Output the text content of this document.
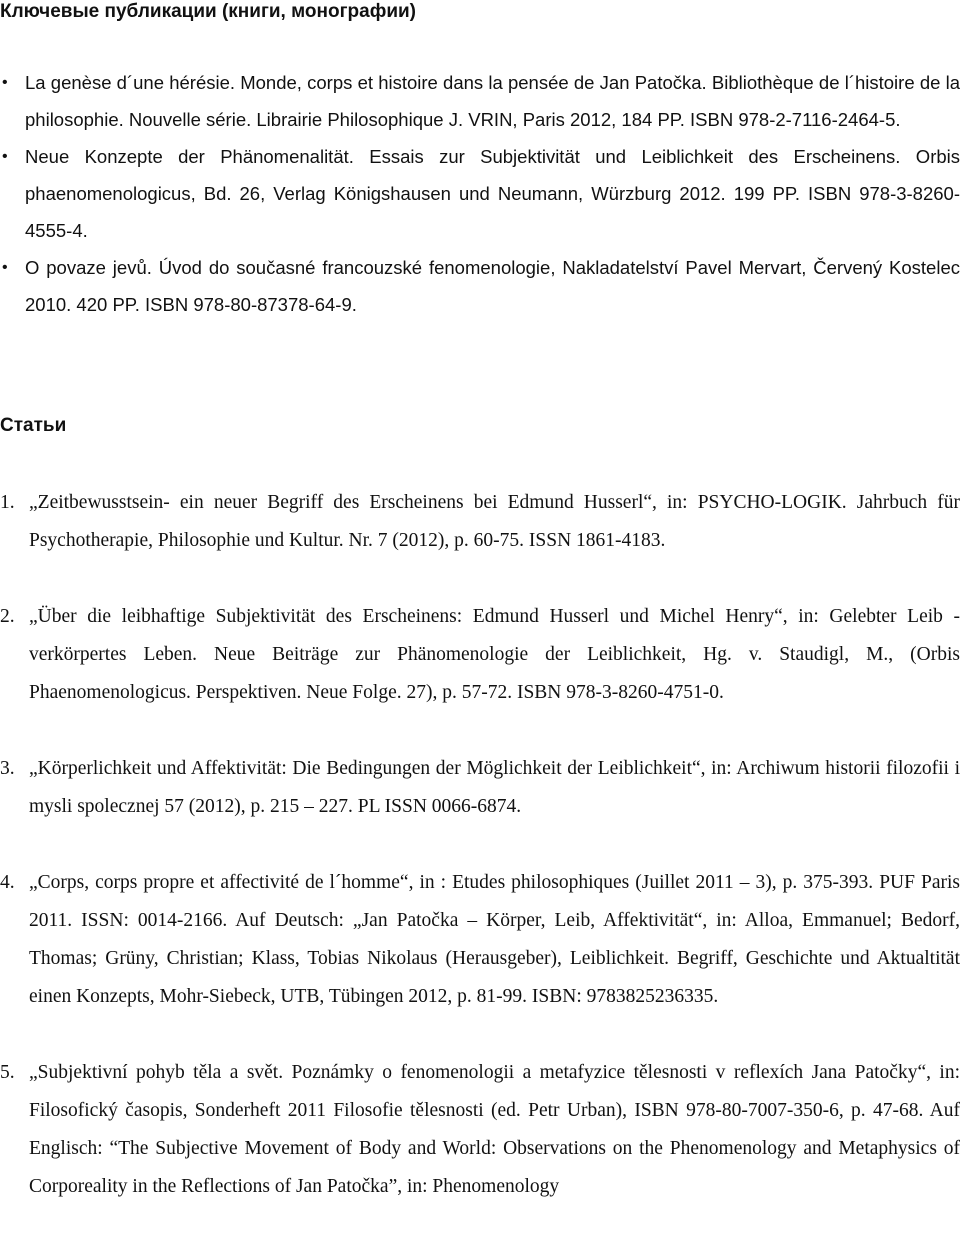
Ключевые публикации (книги, монографии)
• La genèse d´une hérésie. Monde, corps et histoire dans la pensée de Jan Patočka. Bibliothèque de l´histoire de la philosophie. Nouvelle série. Librairie Philosophique J. VRIN, Paris 2012, 184 PP. ISBN 978-2-7116-2464-5.
• Neue Konzepte der Phänomenalität. Essais zur Subjektivität und Leiblichkeit des Erscheinens. Orbis phaenomenologicus, Bd. 26, Verlag Königshausen und Neumann, Würzburg 2012. 199 PP. ISBN 978-3-8260-4555-4.
• O povaze jevů. Úvod do současné francouzské fenomenologie, Nakladatelství Pavel Mervart, Červený Kostelec 2010. 420 PP. ISBN 978-80-87378-64-9.
Статьи

1. „Zeitbewusstsein- ein neuer Begriff des Erscheinens bei Edmund Husserl“, in: PSYCHO-LOGIK. Jahrbuch für Psychotherapie, Philosophie und Kultur. Nr. 7 (2012), p. 60-75. ISSN 1861-4183.

2. „Über die leibhaftige Subjektivität des Erscheinens: Edmund Husserl und Michel Henry“, in: Gelebter Leib -verkörpertes Leben. Neue Beiträge zur Phänomenologie der Leiblichkeit, Hg. v. Staudigl, M., (Orbis Phaenomenologicus. Perspektiven. Neue Folge. 27), p. 57-72. ISBN 978-3-8260-4751-0.

3. „Körperlichkeit und Affektivität: Die Bedingungen der Möglichkeit der Leiblichkeit“, in: Archiwum historii filozofii i mysli spolecznej 57 (2012), p. 215 – 227. PL ISSN 0066-6874.

4. „Corps, corps propre et affectivité de l´homme“, in : Etudes philosophiques (Juillet 2011 – 3), p. 375-393. PUF Paris 2011. ISSN: 0014-2166. Auf Deutsch: „Jan Patočka – Körper, Leib, Affektivität“, in: Alloa, Emmanuel; Bedorf, Thomas; Grüny, Christian; Klass, Tobias Nikolaus (Herausgeber), Leiblichkeit. Begriff, Geschichte und Aktualtität einen Konzepts, Mohr-Siebeck, UTB, Tübingen 2012, p. 81-99. ISBN: 9783825236335.

5. „Subjektivní pohyb těla a svět. Poznámky o fenomenologii a metafyzice tělesnosti v reflexích Jana Patočky“, in: Filosofický časopis, Sonderheft 2011 Filosofie tělesnosti (ed. Petr Urban), ISBN 978-80-7007-350-6, p. 47-68. Auf Englisch: “The Subjective Movement of Body and World: Observations on the Phenomenology and Metaphysics of Corporeality in the Reflections of Jan Patočka”, in: Phenomenology
